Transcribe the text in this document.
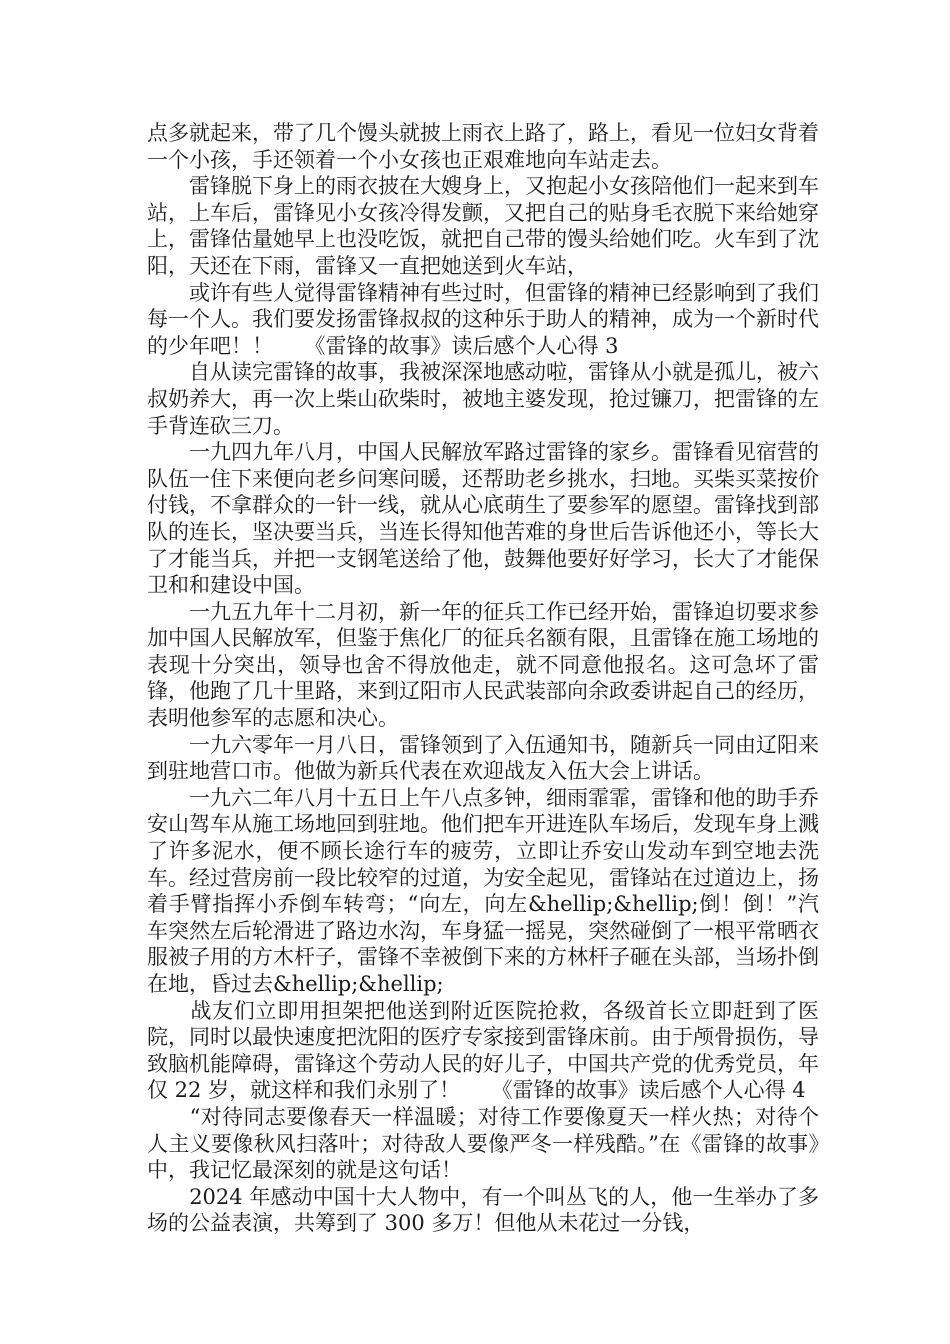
点多就起来，带了几个馒头就披上雨衣上路了，路上，看见一位妇女背着一个小孩，手还领着一个小女孩也正艰难地向车站走去。

　　雷锋脱下身上的雨衣披在大嫂身上，又抱起小女孩陪他们一起来到车站，上车后，雷锋见小女孩冷得发颤，又把自己的贴身毛衣脱下来给她穿上，雷锋估量她早上也没吃饭，就把自己带的馒头给她们吃。火车到了沈阳，天还在下雨，雷锋又一直把她送到火车站，

　　或许有些人觉得雷锋精神有些过时，但雷锋的精神已经影响到了我们每一个人。我们要发扬雷锋叔叔的这种乐于助人的精神，成为一个新时代的少年吧！！　　《雷锋的故事》读后感个人心得 3

　　自从读完雷锋的故事，我被深深地感动啦，雷锋从小就是孤儿，被六叔奶养大，再一次上柴山砍柴时，被地主婆发现，抢过镰刀，把雷锋的左手背连砍三刀。

　　一九四九年八月，中国人民解放军路过雷锋的家乡。雷锋看见宿营的队伍一住下来便向老乡问寒问暖，还帮助老乡挑水，扫地。买柴买菜按价付钱，不拿群众的一针一线，就从心底萌生了要参军的愿望。雷锋找到部队的连长，坚决要当兵，当连长得知他苦难的身世后告诉他还小，等长大了才能当兵，并把一支钢笔送给了他，鼓舞他要好好学习，长大了才能保卫和和建设中国。

　　一九五九年十二月初，新一年的征兵工作已经开始，雷锋迫切要求参加中国人民解放军，但鉴于焦化厂的征兵名额有限，且雷锋在施工场地的表现十分突出，领导也舍不得放他走，就不同意他报名。这可急坏了雷锋，他跑了几十里路，来到辽阳市人民武装部向余政委讲起自己的经历，表明他参军的志愿和决心。

　　一九六零年一月八日，雷锋领到了入伍通知书，随新兵一同由辽阳来到驻地营口市。他做为新兵代表在欢迎战友入伍大会上讲话。

　　一九六二年八月十五日上午八点多钟，细雨霏霏，雷锋和他的助手乔安山驾车从施工场地回到驻地。他们把车开进连队车场后，发现车身上溅了许多泥水，便不顾长途行车的疲劳，立即让乔安山发动车到空地去洗车。经过营房前一段比较窄的过道，为安全起见，雷锋站在过道边上，扬着手臂指挥小乔倒车转弯；“向左，向左&hellip;&hellip;倒！倒！”汽车突然左后轮滑进了路边水沟，车身猛一摇晃，突然碰倒了一根平常晒衣服被子用的方木杆子，雷锋不幸被倒下来的方林杆子砸在头部，当场扑倒在地，昏过去&hellip;&hellip;

　　战友们立即用担架把他送到附近医院抢救，各级首长立即赶到了医院，同时以最快速度把沈阳的医疗专家接到雷锋床前。由于颅骨损伤，导致脑机能障碍，雷锋这个劳动人民的好儿子，中国共产党的优秀党员，年仅 22 岁，就这样和我们永别了！　　《雷锋的故事》读后感个人心得 4

　　“对待同志要像春天一样温暖；对待工作要像夏天一样火热；对待个人主义要像秋风扫落叶；对待敌人要像严冬一样残酷。”在《雷锋的故事》中，我记忆最深刻的就是这句话！

　　2024 年感动中国十大人物中，有一个叫丛飞的人，他一生举办了多场的公益表演，共筹到了 300 多万！但他从未花过一分钱，
